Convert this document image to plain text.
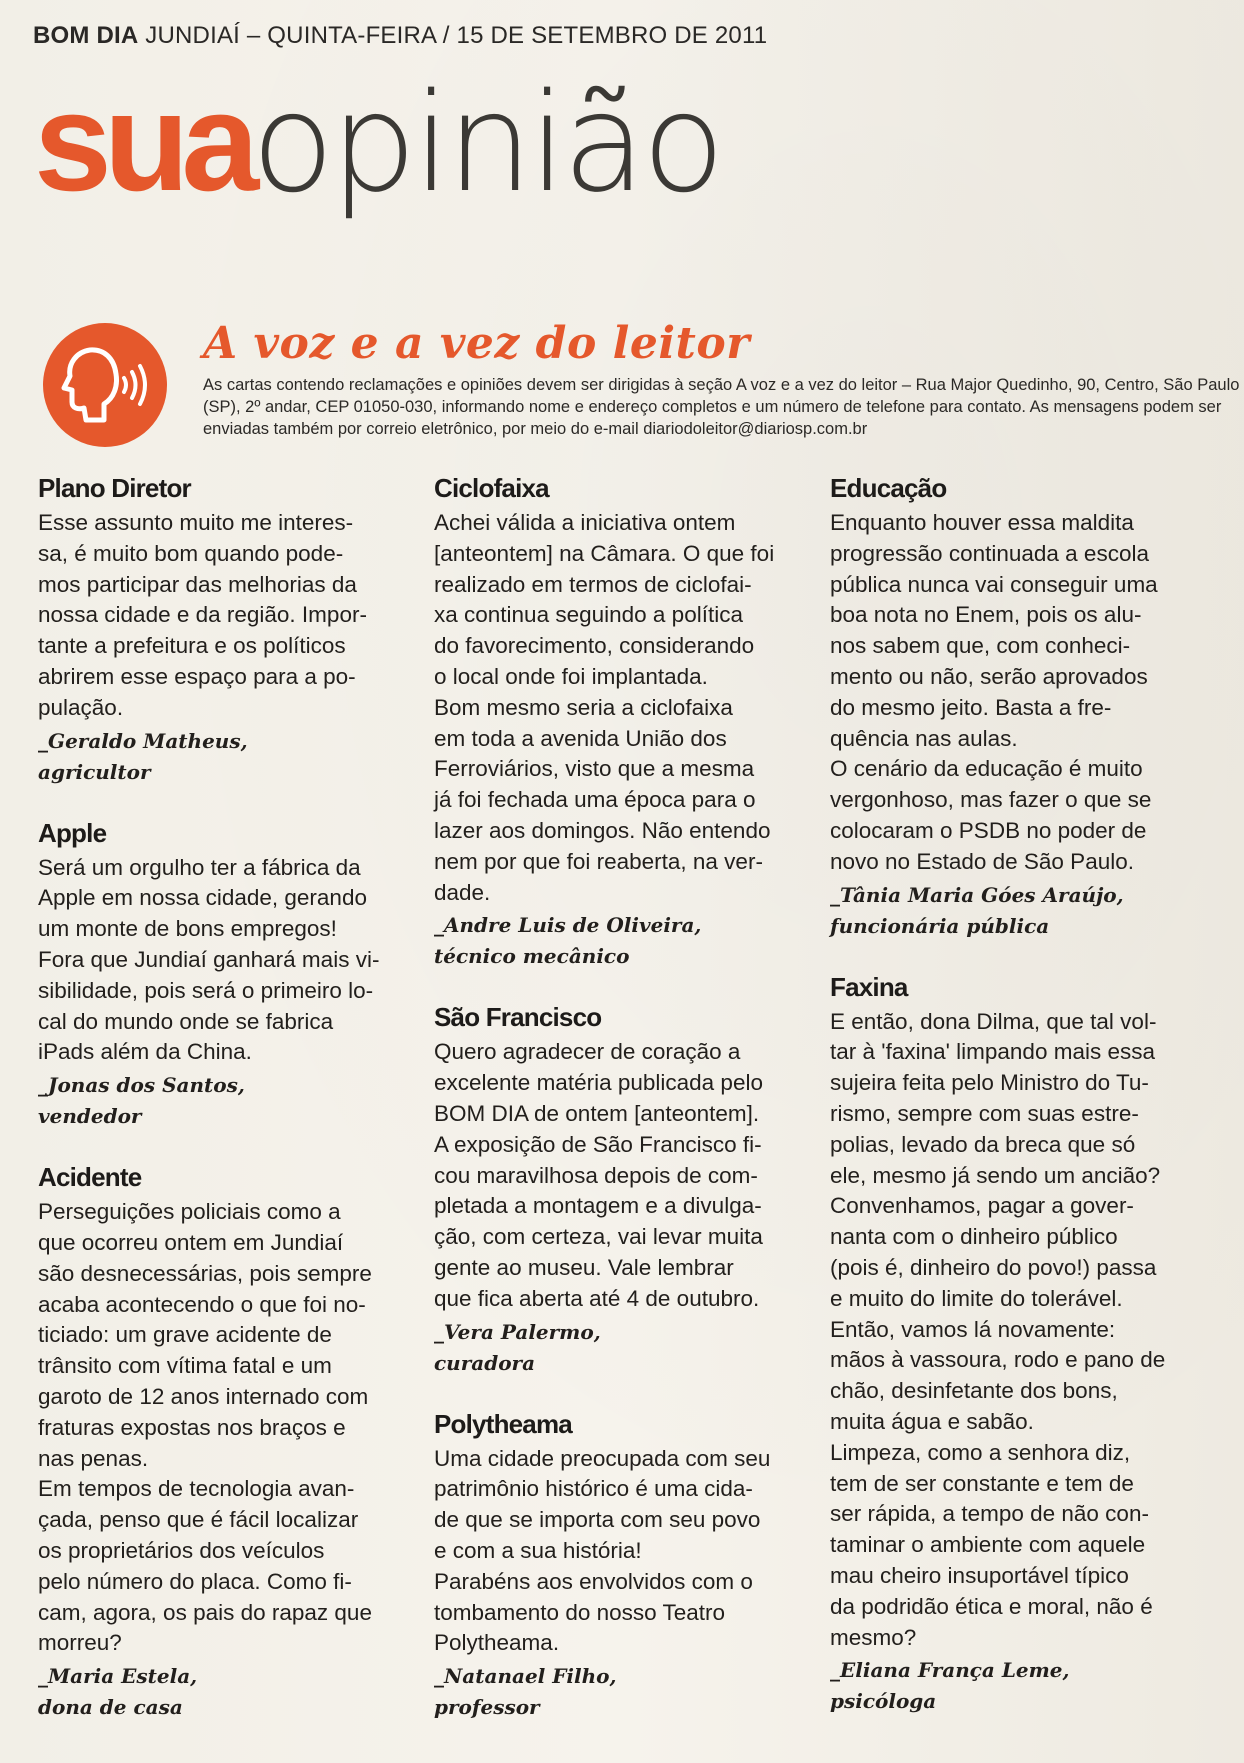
BOM DIA JUNDIAÍ – QUINTA-FEIRA / 15 DE SETEMBRO DE 2011
suaopinião
A voz e a vez do leitor
As cartas contendo reclamações e opiniões devem ser dirigidas à seção A voz e a vez do leitor – Rua Major Quedinho, 90, Centro, São Paulo (SP), 2º andar, CEP 01050-030, informando nome e endereço completos e um número de telefone para contato. As mensagens podem ser enviadas também por correio eletrônico, por meio do e-mail diariodoleitor@diariosp.com.br
Plano Diretor

Esse assunto muito me interes-
sa, é muito bom quando pode-
mos participar das melhorias da
nossa cidade e da região. Impor-
tante a prefeitura e os políticos
abrirem esse espaço para a po-
pulação.

_Geraldo Matheus,
agricultor
Apple

Será um orgulho ter a fábrica da
Apple em nossa cidade, gerando
um monte de bons empregos!
Fora que Jundiaí ganhará mais vi-
sibilidade, pois será o primeiro lo-
cal do mundo onde se fabrica
iPads além da China.

_Jonas dos Santos,
vendedor
Acidente

Perseguições policiais como a
que ocorreu ontem em Jundiaí
são desnecessárias, pois sempre
acaba acontecendo o que foi no-
ticiado: um grave acidente de
trânsito com vítima fatal e um
garoto de 12 anos internado com
fraturas expostas nos braços e
nas penas.
Em tempos de tecnologia avan-
çada, penso que é fácil localizar
os proprietários dos veículos
pelo número do placa. Como fi-
cam, agora, os pais do rapaz que
morreu?

_Maria Estela,
dona de casa
Ciclofaixa

Achei válida a iniciativa ontem
[anteontem] na Câmara. O que foi
realizado em termos de ciclofai-
xa continua seguindo a política
do favorecimento, considerando
o local onde foi implantada.
Bom mesmo seria a ciclofaixa
em toda a avenida União dos
Ferroviários, visto que a mesma
já foi fechada uma época para o
lazer aos domingos. Não entendo
nem por que foi reaberta, na ver-
dade.

_Andre Luis de Oliveira,
técnico mecânico
São Francisco

Quero agradecer de coração a
excelente matéria publicada pelo
BOM DIA de ontem [anteontem].
A exposição de São Francisco fi-
cou maravilhosa depois de com-
pletada a montagem e a divulga-
ção, com certeza, vai levar muita
gente ao museu. Vale lembrar
que fica aberta até 4 de outubro.

_Vera Palermo,
curadora
Polytheama

Uma cidade preocupada com seu
patrimônio histórico é uma cida-
de que se importa com seu povo
e com a sua história!
Parabéns aos envolvidos com o
tombamento do nosso Teatro
Polytheama.

_Natanael Filho,
professor
Educação

Enquanto houver essa maldita
progressão continuada a escola
pública nunca vai conseguir uma
boa nota no Enem, pois os alu-
nos sabem que, com conheci-
mento ou não, serão aprovados
do mesmo jeito. Basta a fre-
quência nas aulas.
O cenário da educação é muito
vergonhoso, mas fazer o que se
colocaram o PSDB no poder de
novo no Estado de São Paulo.

_Tânia Maria Góes Araújo,
funcionária pública
Faxina

E então, dona Dilma, que tal vol-
tar à 'faxina' limpando mais essa
sujeira feita pelo Ministro do Tu-
rismo, sempre com suas estre-
polias, levado da breca que só
ele, mesmo já sendo um ancião?
Convenhamos, pagar a gover-
nanta com o dinheiro público
(pois é, dinheiro do povo!) passa
e muito do limite do tolerável.
Então, vamos lá novamente:
mãos à vassoura, rodo e pano de
chão, desinfetante dos bons,
muita água e sabão.
Limpeza, como a senhora diz,
tem de ser constante e tem de
ser rápida, a tempo de não con-
taminar o ambiente com aquele
mau cheiro insuportável típico
da podridão ética e moral, não é
mesmo?

_Eliana França Leme,
psicóloga
